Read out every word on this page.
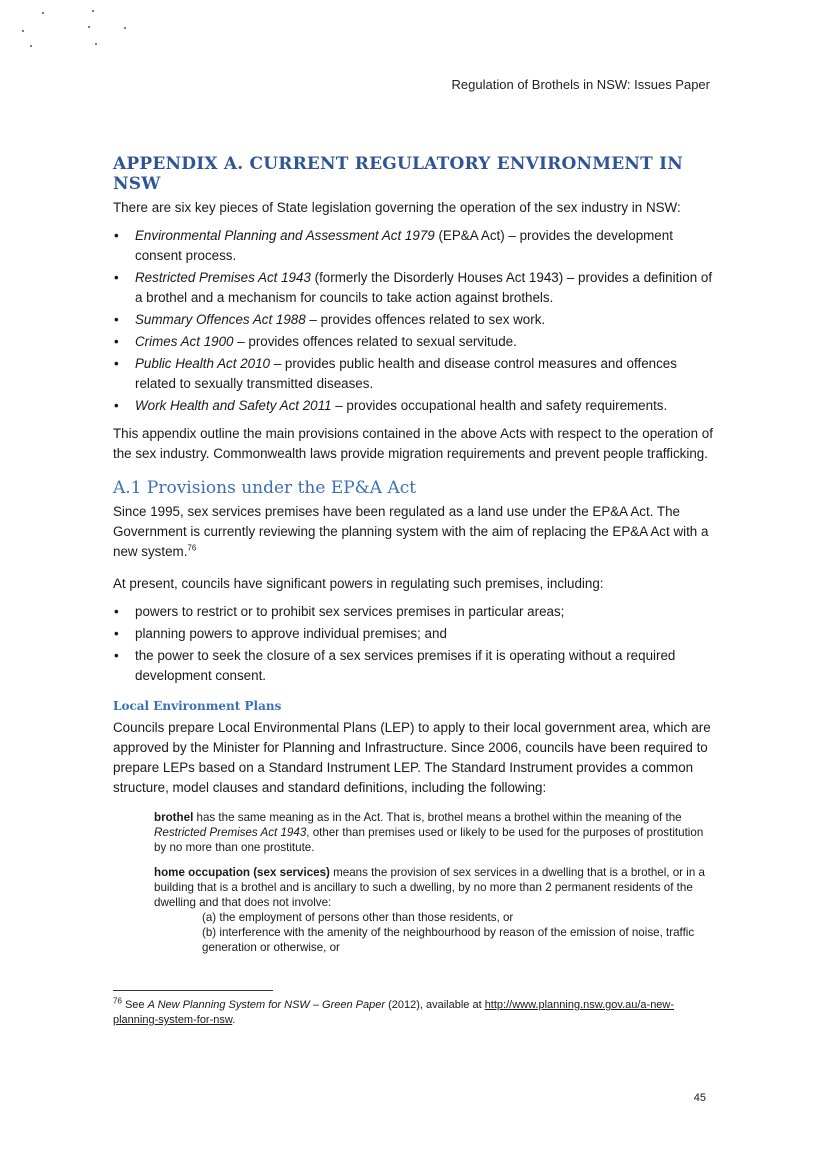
Regulation of Brothels in NSW: Issues Paper
APPENDIX A. CURRENT REGULATORY ENVIRONMENT IN NSW

There are six key pieces of State legislation governing the operation of the sex industry in NSW:

• Environmental Planning and Assessment Act 1979 (EP&A Act) – provides the development consent process.
• Restricted Premises Act 1943 (formerly the Disorderly Houses Act 1943) – provides a definition of a brothel and a mechanism for councils to take action against brothels.
• Summary Offences Act 1988 – provides offences related to sex work.
• Crimes Act 1900 – provides offences related to sexual servitude.
• Public Health Act 2010 – provides public health and disease control measures and offences related to sexually transmitted diseases.
• Work Health and Safety Act 2011 – provides occupational health and safety requirements.

This appendix outline the main provisions contained in the above Acts with respect to the operation of the sex industry. Commonwealth laws provide migration requirements and prevent people trafficking.

A.1 Provisions under the EP&A Act

Since 1995, sex services premises have been regulated as a land use under the EP&A Act. The Government is currently reviewing the planning system with the aim of replacing the EP&A Act with a new system.$^{76}$

At present, councils have significant powers in regulating such premises, including:

• powers to restrict or to prohibit sex services premises in particular areas;
• planning powers to approve individual premises; and
• the power to seek the closure of a sex services premises if it is operating without a required development consent.
Local Environment Plans

Councils prepare Local Environmental Plans (LEP) to apply to their local government area, which are approved by the Minister for Planning and Infrastructure. Since 2006, councils have been required to prepare LEPs based on a Standard Instrument LEP. The Standard Instrument provides a common structure, model clauses and standard definitions, including the following:

brothel has the same meaning as in the Act. That is, brothel means a brothel within the meaning of the Restricted Premises Act 1943, other than premises used or likely to be used for the purposes of prostitution by no more than one prostitute.

home occupation (sex services) means the provision of sex services in a dwelling that is a brothel, or in a building that is a brothel and is ancillary to such a dwelling, by no more than 2 permanent residents of the dwelling and that does not involve:

(a) the employment of persons other than those residents, or
(b) interference with the amenity of the neighbourhood by reason of the emission of noise, traffic generation or otherwise, or
$^{76}$ See A New Planning System for NSW – Green Paper (2012), available at http://www.planning.nsw.gov.au/a-new-planning-system-for-nsw.
45
